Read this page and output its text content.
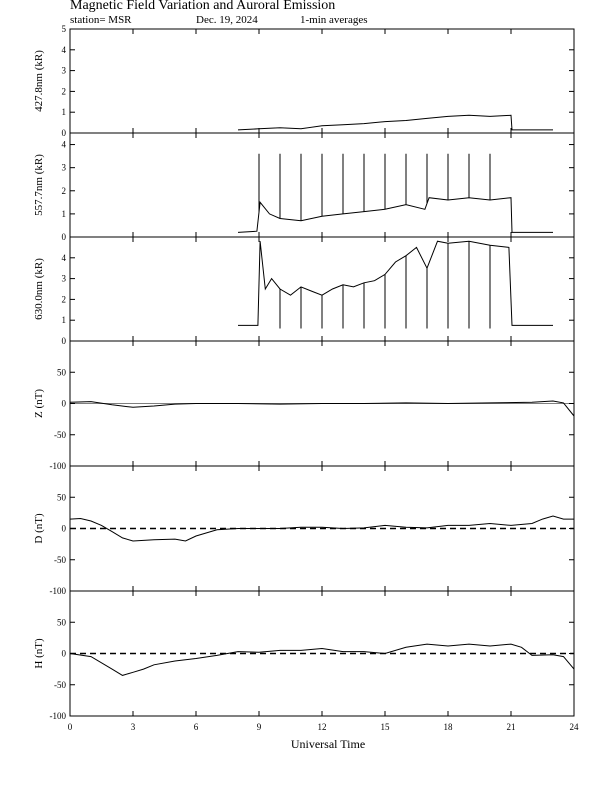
Magnetic Field Variation and Auroral Emission
station= MSR	Dec. 19, 2024	1-min averages
0
1
2
3
4
5
427.8nm (kR)
0
1
2
3
4
557.7nm (kR)
0
1
2
3
4
630.0nm (kR)
-100
-50
0
50
Z (nT)
-100
-50
0
50
D (nT)
-100
-50
0
50
H (nT)
0	3	6	9	12	15	18	21	24
Universal Time
